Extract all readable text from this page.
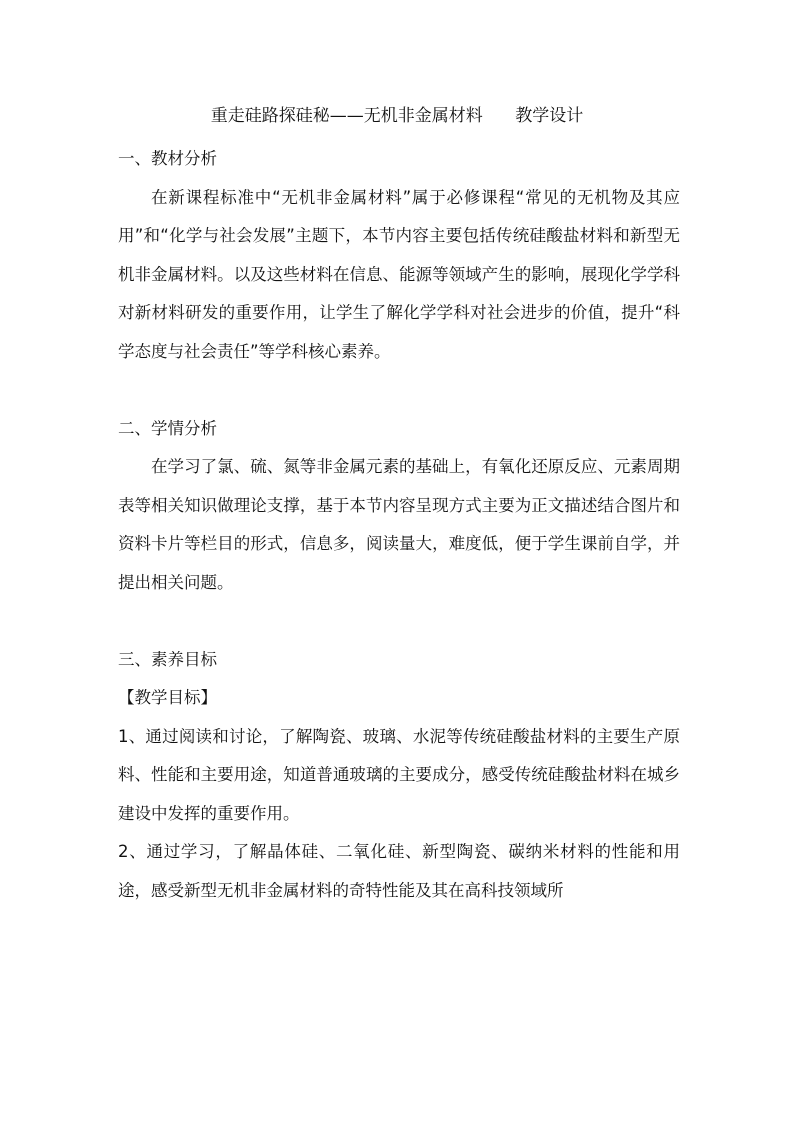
重走硅路探硅秘——无机非金属材料      教学设计

一、教材分析

在新课程标准中“无机非金属材料”属于必修课程“常见的无机物及其应用”和“化学与社会发展”主题下，本节内容主要包括传统硅酸盐材料和新型无机非金属材料。以及这些材料在信息、能源等领域产生的影响，展现化学学科对新材料研发的重要作用，让学生了解化学学科对社会进步的价值，提升“科学态度与社会责任”等学科核心素养。

二、学情分析

在学习了氯、硫、氮等非金属元素的基础上，有氧化还原反应、元素周期表等相关知识做理论支撑，基于本节内容呈现方式主要为正文描述结合图片和资料卡片等栏目的形式，信息多，阅读量大，难度低，便于学生课前自学，并提出相关问题。

三、素养目标

【教学目标】

1、通过阅读和讨论，了解陶瓷、玻璃、水泥等传统硅酸盐材料的主要生产原料、性能和主要用途，知道普通玻璃的主要成分，感受传统硅酸盐材料在城乡建设中发挥的重要作用。

2、通过学习，了解晶体硅、二氧化硅、新型陶瓷、碳纳米材料的性能和用途，感受新型无机非金属材料的奇特性能及其在高科技领域所
